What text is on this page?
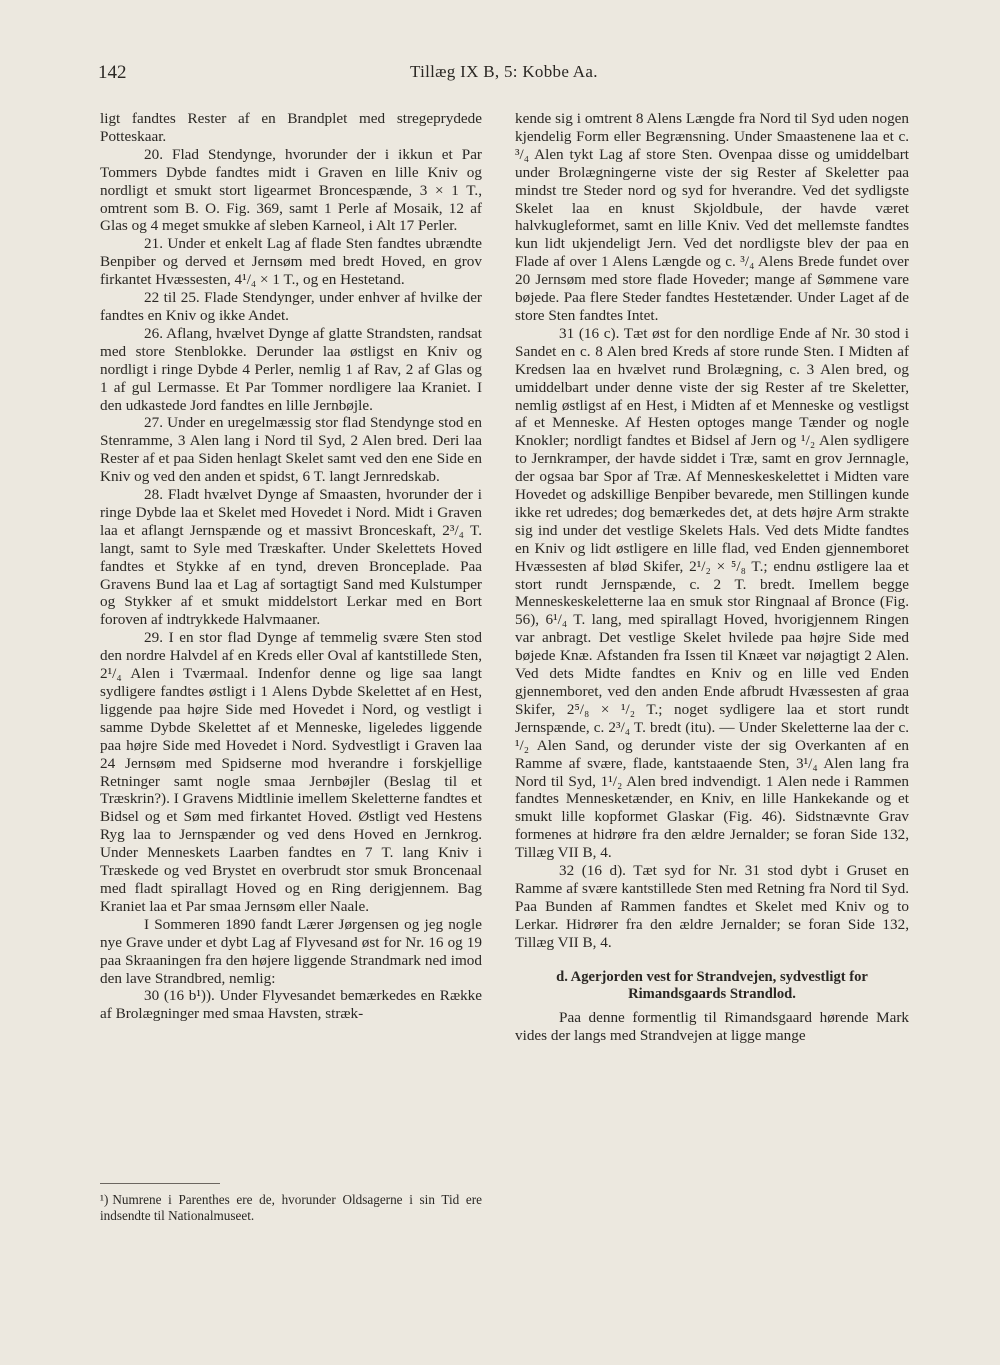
142	Tillæg IX B, 5: Kobbe Aa.

ligt fandtes Rester af en Brandplet med stregeprydede Potteskaar.

20. Flad Stendynge, hvorunder der i ikkun et Par Tommers Dybde fandtes midt i Graven en lille Kniv og nordligt et smukt stort ligearmet Broncespænde, 3 × 1 T., omtrent som B. O. Fig. 369, samt 1 Perle af Mosaik, 12 af Glas og 4 meget smukke af sleben Karneol, i Alt 17 Perler.

21. Under et enkelt Lag af flade Sten fandtes ubrændte Benpiber og derved et Jernsøm med bredt Hoved, en grov firkantet Hvæssesten, 4¹/₄ × 1 T., og en Hestetand.

22 til 25. Flade Stendynger, under enhver af hvilke der fandtes en Kniv og ikke Andet.

26. Aflang, hvælvet Dynge af glatte Strandsten, randsat med store Stenblokke. Derunder laa østligst en Kniv og nordligt i ringe Dybde 4 Perler, nemlig 1 af Rav, 2 af Glas og 1 af gul Lermasse. Et Par Tommer nordligere laa Kraniet. I den udkastede Jord fandtes en lille Jernbøjle.

27. Under en uregelmæssig stor flad Stendynge stod en Stenramme, 3 Alen lang i Nord til Syd, 2 Alen bred. Deri laa Rester af et paa Siden henlagt Skelet samt ved den ene Side en Kniv og ved den anden et spidst, 6 T. langt Jernredskab.

28. Fladt hvælvet Dynge af Smaasten, hvorunder der i ringe Dybde laa et Skelet med Hovedet i Nord. Midt i Graven laa et aflangt Jernspænde og et massivt Bronceskaft, 2³/₄ T. langt, samt to Syle med Træskafter. Under Skelettets Hoved fandtes et Stykke af en tynd, dreven Bronceplade. Paa Gravens Bund laa et Lag af sortagtigt Sand med Kulstumper og Stykker af et smukt middelstort Lerkar med en Bort foroven af indtrykkede Halvmaaner.

29. I en stor flad Dynge af temmelig svære Sten stod den nordre Halvdel af en Kreds eller Oval af kantstillede Sten, 2¹/₄ Alen i Tværmaal. Indenfor denne og lige saa langt sydligere fandtes østligt i 1 Alens Dybde Skelettet af en Hest, liggende paa højre Side med Hovedet i Nord, og vestligt i samme Dybde Skelettet af et Menneske, ligeledes liggende paa højre Side med Hovedet i Nord. Sydvestligt i Graven laa 24 Jernsøm med Spidserne mod hverandre i forskjellige Retninger samt nogle smaa Jernbøjler (Beslag til et Træskrin?). I Gravens Midtlinie imellem Skeletterne fandtes et Bidsel og et Søm med firkantet Hoved. Østligt ved Hestens Ryg laa to Jernspænder og ved dens Hoved en Jernkrog. Under Menneskets Laarben fandtes en 7 T. lang Kniv i Træskede og ved Brystet en overbrudt stor smuk Broncenaal med fladt spirallagt Hoved og en Ring derigjennem. Bag Kraniet laa et Par smaa Jernsøm eller Naale.

I Sommeren 1890 fandt Lærer Jørgensen og jeg nogle nye Grave under et dybt Lag af Flyvesand øst for Nr. 16 og 19 paa Skraaningen fra den højere liggende Strandmark ned imod den lave Strandbred, nemlig:

30 (16 b¹)). Under Flyvesandet bemærkedes en Række af Brolægninger med smaa Havsten, stræk-

kende sig i omtrent 8 Alens Længde fra Nord til Syd uden nogen kjendelig Form eller Begrænsning. Under Smaastenene laa et c. ³/₄ Alen tykt Lag af store Sten. Ovenpaa disse og umiddelbart under Brolægningerne viste der sig Rester af Skeletter paa mindst tre Steder nord og syd for hverandre. Ved det sydligste Skelet laa en knust Skjoldbule, der havde været halvkugleformet, samt en lille Kniv. Ved det mellemste fandtes kun lidt ukjendeligt Jern. Ved det nordligste blev der paa en Flade af over 1 Alens Længde og c. ³/₄ Alens Brede fundet over 20 Jernsøm med store flade Hoveder; mange af Sømmene vare bøjede. Paa flere Steder fandtes Hestetænder. Under Laget af de store Sten fandtes Intet.

31 (16 c). Tæt øst for den nordlige Ende af Nr. 30 stod i Sandet en c. 8 Alen bred Kreds af store runde Sten. I Midten af Kredsen laa en hvælvet rund Brolægning, c. 3 Alen bred, og umiddelbart under denne viste der sig Rester af tre Skeletter, nemlig østligst af en Hest, i Midten af et Menneske og vestligst af et Menneske. Af Hesten optoges mange Tænder og nogle Knokler; nordligt fandtes et Bidsel af Jern og ¹/₂ Alen sydligere to Jernkramper, der havde siddet i Træ, samt en grov Jernnagle, der ogsaa bar Spor af Træ. Af Menneskeskelettet i Midten vare Hovedet og adskillige Benpiber bevarede, men Stillingen kunde ikke ret udredes; dog bemærkedes det, at dets højre Arm strakte sig ind under det vestlige Skelets Hals. Ved dets Midte fandtes en Kniv og lidt østligere en lille flad, ved Enden gjennemboret Hvæssesten af blød Skifer, 2¹/₂ × ⁵/₈ T.; endnu østligere laa et stort rundt Jernspænde, c. 2 T. bredt. Imellem begge Menneskeskeletterne laa en smuk stor Ringnaal af Bronce (Fig. 56), 6¹/₄ T. lang, med spirallagt Hoved, hvorigjennem Ringen var anbragt. Det vestlige Skelet hvilede paa højre Side med bøjede Knæ. Afstanden fra Issen til Knæet var nøjagtigt 2 Alen. Ved dets Midte fandtes en Kniv og en lille ved Enden gjennemboret, ved den anden Ende afbrudt Hvæssesten af graa Skifer, 2⁵/₈ × ¹/₂ T.; noget sydligere laa et stort rundt Jernspænde, c. 2³/₄ T. bredt (itu). — Under Skeletterne laa der c. ¹/₂ Alen Sand, og derunder viste der sig Overkanten af en Ramme af svære, flade, kantstaaende Sten, 3¹/₄ Alen lang fra Nord til Syd, 1¹/₂ Alen bred indvendigt. 1 Alen nede i Rammen fandtes Mennesketænder, en Kniv, en lille Hankekande og et smukt lille kopformet Glaskar (Fig. 46). Sidstnævnte Grav formenes at hidrøre fra den ældre Jernalder; se foran Side 132, Tillæg VII B, 4.

32 (16 d). Tæt syd for Nr. 31 stod dybt i Gruset en Ramme af svære kantstillede Sten med Retning fra Nord til Syd. Paa Bunden af Rammen fandtes et Skelet med Kniv og to Lerkar. Hidrører fra den ældre Jernalder; se foran Side 132, Tillæg VII B, 4.

d. Agerjorden vest for Strandvejen, sydvestligt for Rimandsgaards Strandlod.

Paa denne formentlig til Rimandsgaard hørende Mark vides der langs med Strandvejen at ligge mange

¹) Numrene i Parenthes ere de, hvorunder Oldsagerne i sin Tid ere indsendte til Nationalmuseet.
